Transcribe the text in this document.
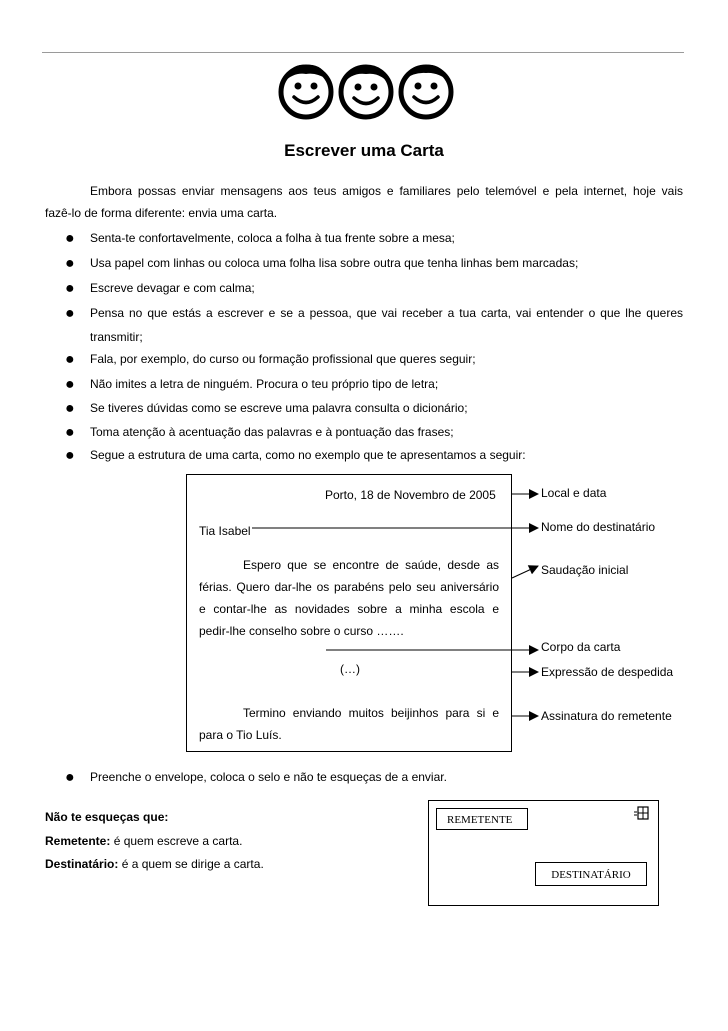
Escrever uma Carta
Embora possas enviar mensagens aos teus amigos e familiares pelo telemóvel e pela internet, hoje vais
fazê-lo de forma diferente: envia uma carta.
● Senta-te confortavelmente, coloca a folha à tua frente sobre a mesa;
● Usa papel com linhas ou coloca uma folha lisa sobre outra que tenha linhas bem marcadas;
● Escreve devagar e com calma;
● Pensa no que estás a escrever e se a pessoa, que vai receber a tua carta, vai entender o que lhe queres transmitir;
● Fala, por exemplo, do curso ou formação profissional que queres seguir;
● Não imites a letra de ninguém. Procura o teu próprio tipo de letra;
● Se tiveres dúvidas como se escreve uma palavra consulta o dicionário;
● Toma atenção à acentuação das palavras e à pontuação das frases;
● Segue a estrutura de uma carta, como no exemplo que te apresentamos a seguir:
Porto, 18 de Novembro de 2005
Tia Isabel
Espero que se encontre de saúde, desde as
férias. Quero dar-lhe os parabéns pelo seu aniversário
e contar-lhe as novidades sobre a minha escola e
pedir-lhe conselho sobre o curso …….
(…)
Termino enviando muitos beijinhos para si e
para o Tio Luís.
Local e data
Nome do destinatário
Saudação inicial
Corpo da carta
Expressão de despedida
Assinatura do remetente
● Preenche o envelope, coloca o selo e não te esqueças de a enviar.
Não te esqueças que:
Remetente: é quem escreve a carta.
Destinatário: é a quem se dirige a carta.
REMETENTE
DESTINATÁRIO
